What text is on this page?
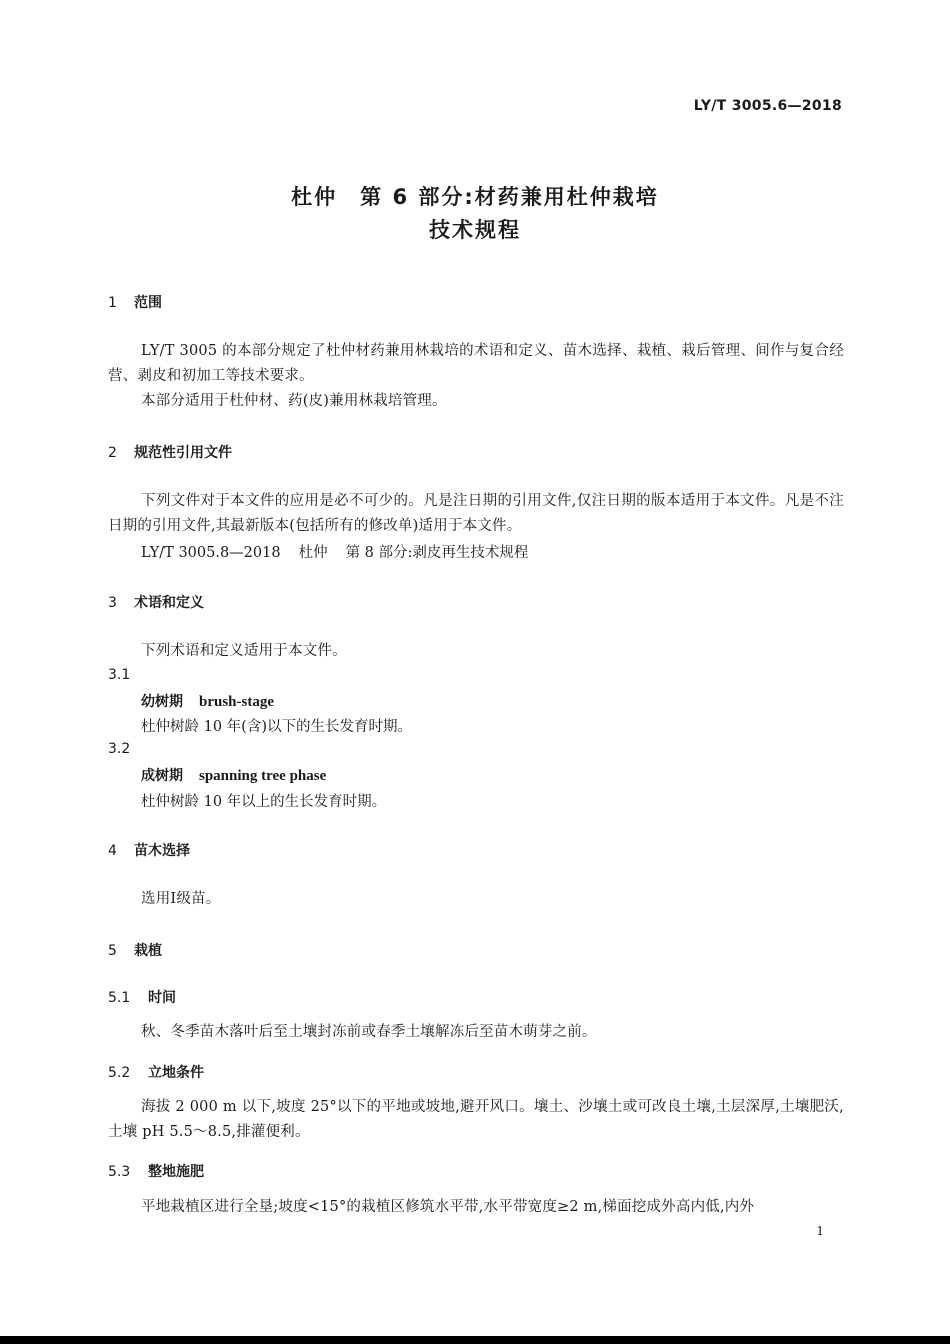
LY/T 3005.6—2018
杜仲　第 6 部分:材药兼用杜仲栽培
技术规程
1 范围
LY/T 3005 的本部分规定了杜仲材药兼用林栽培的术语和定义、苗木选择、栽植、栽后管理、间作与复合经营、剥皮和初加工等技术要求。
本部分适用于杜仲材、药(皮)兼用林栽培管理。
2 规范性引用文件
下列文件对于本文件的应用是必不可少的。凡是注日期的引用文件,仅注日期的版本适用于本文件。凡是不注日期的引用文件,其最新版本(包括所有的修改单)适用于本文件。
LY/T 3005.8—2018 杜仲 第 8 部分:剥皮再生技术规程
3 术语和定义
下列术语和定义适用于本文件。
3.1
幼树期 brush-stage
杜仲树龄 10 年(含)以下的生长发育时期。
3.2
成树期 spanning tree phase
杜仲树龄 10 年以上的生长发育时期。
4 苗木选择
选用Ⅰ级苗。
5 栽植
5.1 时间
秋、冬季苗木落叶后至土壤封冻前或春季土壤解冻后至苗木萌芽之前。
5.2 立地条件
海拔 2 000 m 以下,坡度 25°以下的平地或坡地,避开风口。壤土、沙壤土或可改良土壤,土层深厚,土壤肥沃,土壤 pH 5.5～8.5,排灌便利。
5.3 整地施肥
平地栽植区进行全垦;坡度<15°的栽植区修筑水平带,水平带宽度≥2 m,梯面挖成外高内低,内外
1
